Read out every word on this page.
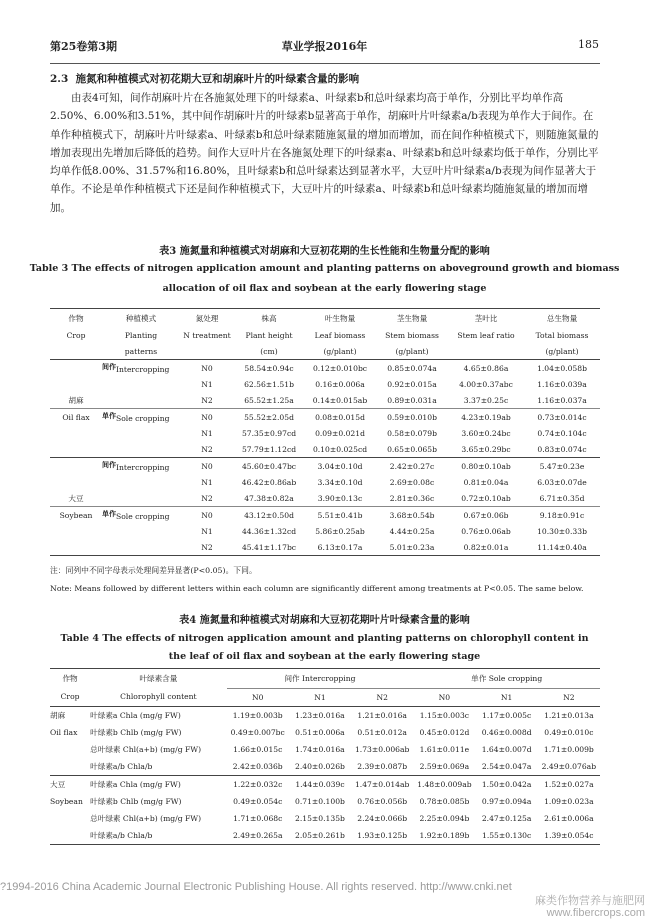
第25卷第3期	草业学报2016年	185
2.3 施氮和种植模式对初花期大豆和胡麻叶片的叶绿素含量的影响
由表4可知，间作胡麻叶片在各施氮处理下的叶绿素a、叶绿素b和总叶绿素均高于单作，分别比平均单作高2.50%、6.00%和3.51%，其中间作胡麻叶片的叶绿素b显著高于单作，胡麻叶片叶绿素a/b表现为单作大于间作。在单作种植模式下，胡麻叶片叶绿素a、叶绿素b和总叶绿素随施氮量的增加而增加，而在间作种植模式下，则随施氮量的增加表现出先增加后降低的趋势。间作大豆叶片在各施氮处理下的叶绿素a、叶绿素b和总叶绿素均低于单作，分别比平均单作低8.00%、31.57%和16.80%，且叶绿素b和总叶绿素达到显著水平，大豆叶片叶绿素a/b表现为间作显著大于单作。不论是单作种植模式下还是间作种植模式下，大豆叶片的叶绿素a、叶绿素b和总叶绿素均随施氮量的增加而增加。
表3 施氮量和种植模式对胡麻和大豆初花期的生长性能和生物量分配的影响
Table 3 The effects of nitrogen application amount and planting patterns on aboveground growth and biomass
allocation of oil flax and soybean at the early flowering stage
作物	种植模式	氮处理	株高	叶生物量	茎生物量	茎叶比	总生物量
Crop	Planting	N treatment	Plant height	Leaf biomass	Stem biomass	Stem leaf ratio	Total biomass
	patterns		(cm)	(g/plant)	(g/plant)		(g/plant)
	间作Intercropping	N0	58.54±0.94c	0.12±0.010bc	0.85±0.074a	4.65±0.86a	1.04±0.058b
		N1	62.56±1.51b	0.16±0.006a	0.92±0.015a	4.00±0.37abc	1.16±0.039a

胡麻		N2	65.52±1.25a	0.14±0.015ab	0.89±0.031a	3.37±0.25c	1.16±0.037a

Oil flax	单作Sole cropping	N0	55.52±2.05d	0.08±0.015d	0.59±0.010b	4.23±0.19ab	0.73±0.014c
		N1	57.35±0.97cd	0.09±0.021d	0.58±0.079b	3.60±0.24bc	0.74±0.104c
		N2	57.79±1.12cd	0.10±0.025cd	0.65±0.065b	3.65±0.29bc	0.83±0.074c
	间作Intercropping	N0	45.60±0.47bc	3.04±0.10d	2.42±0.27c	0.80±0.10ab	5.47±0.23e
		N1	46.42±0.86ab	3.34±0.10d	2.69±0.08c	0.81±0.04a	6.03±0.07de

大豆		N2	47.38±0.82a	3.90±0.13c	2.81±0.36c	0.72±0.10ab	6.71±0.35d

Soybean	单作Sole cropping	N0	43.12±0.50d	5.51±0.41b	3.68±0.54b	0.67±0.06b	9.18±0.91c
		N1	44.36±1.32cd	5.86±0.25ab	4.44±0.25a	0.76±0.06ab	10.30±0.33b
		N2	45.41±1.17bc	6.13±0.17a	5.01±0.23a	0.82±0.01a	11.14±0.40a
注：同列中不同字母表示处理间差异显著(P<0.05)。下同。
Note: Means followed by different letters within each column are significantly different among treatments at P<0.05. The same below.
表4 施氮量和种植模式对胡麻和大豆初花期叶片叶绿素含量的影响
Table 4 The effects of nitrogen application amount and planting patterns on chlorophyll content in
the leaf of oil flax and soybean at the early flowering stage
作物	叶绿素含量	间作 Intercropping			单作 Sole cropping		
Crop	Chlorophyll content	N0	N1	N2	N0	N1	N2
胡麻	叶绿素a Chla (mg/g FW)	1.19±0.003b	1.23±0.016a	1.21±0.016a	1.15±0.003c	1.17±0.005c	1.21±0.013a
Oil flax	叶绿素b Chlb (mg/g FW)	0.49±0.007bc	0.51±0.006a	0.51±0.012a	0.45±0.012d	0.46±0.008d	0.49±0.010c
	总叶绿素 Chl(a+b) (mg/g FW)	1.66±0.015c	1.74±0.016a	1.73±0.006ab	1.61±0.011e	1.64±0.007d	1.71±0.009b
	叶绿素a/b Chla/b	2.42±0.036b	2.40±0.026b	2.39±0.087b	2.59±0.069a	2.54±0.047a	2.49±0.076ab
大豆	叶绿素a Chla (mg/g FW)	1.22±0.032c	1.44±0.039c	1.47±0.014ab	1.48±0.009ab	1.50±0.042a	1.52±0.027a
Soybean	叶绿素b Chlb (mg/g FW)	0.49±0.054c	0.71±0.100b	0.76±0.056b	0.78±0.085b	0.97±0.094a	1.09±0.023a
	总叶绿素 Chl(a+b) (mg/g FW)	1.71±0.068c	2.15±0.135b	2.24±0.066b	2.25±0.094b	2.47±0.125a	2.61±0.006a
	叶绿素a/b Chla/b	2.49±0.265a	2.05±0.261b	1.93±0.125b	1.92±0.189b	1.55±0.130c	1.39±0.054c
?1994-2016 China Academic Journal Electronic Publishing House. All rights reserved. http://www.cnki.net
麻类作物营养与施肥网
www.fibercrops.com
